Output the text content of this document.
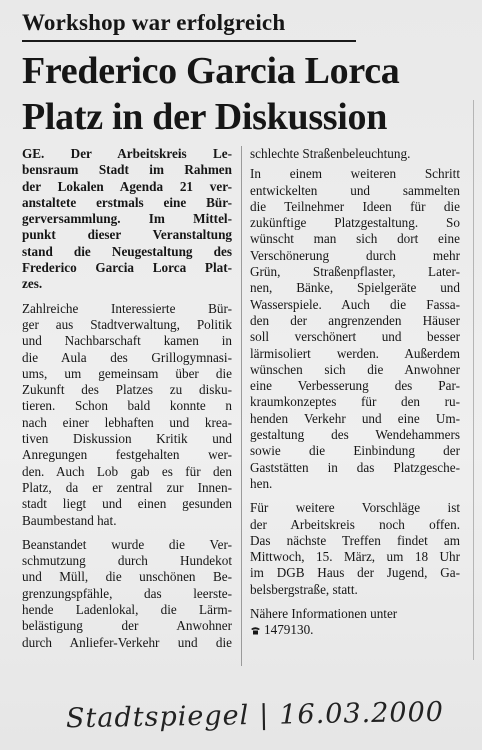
Workshop war erfolgreich
Frederico Garcia Lorca
Platz in der Diskussion

GE. Der Arbeitskreis Le-
bensraum Stadt im Rahmen
der Lokalen Agenda 21 ver-
anstaltete erstmals eine Bür-
gerversammlung. Im Mittel-
punkt dieser Veranstaltung
stand die Neugestaltung des
Frederico Garcia Lorca Plat-
zes.

Zahlreiche Interessierte Bür-
ger aus Stadtverwaltung, Politik
und Nachbarschaft kamen in
die Aula des Grillogymnasi-
ums, um gemeinsam über die
Zukunft des Platzes zu disku-
tieren. Schon bald konnte n
nach einer lebhaften und krea-
tiven Diskussion Kritik und
Anregungen festgehalten wer-
den. Auch Lob gab es für den
Platz, da er zentral zur Innen-
stadt liegt und einen gesunden
Baumbestand hat.

Beanstandet wurde die Ver-
schmutzung durch Hundekot
und Müll, die unschönen Be-
grenzungspfähle, das leerste-
hende Ladenlokal, die Lärm-
belästigung der Anwohner
durch Anliefer-Verkehr und die

schlechte Straßenbeleuchtung.

In einem weiteren Schritt
entwickelten und sammelten
die Teilnehmer Ideen für die
zukünftige Platzgestaltung. So
wünscht man sich dort eine
Verschönerung durch mehr
Grün, Straßenpflaster, Later-
nen, Bänke, Spielgeräte und
Wasserspiele. Auch die Fassa-
den der angrenzenden Häuser
soll verschönert und besser
lärmisoliert werden. Außerdem
wünschen sich die Anwohner
eine Verbesserung des Par-
kraumkonzeptes für den ru-
henden Verkehr und eine Um-
gestaltung des Wendehammers
sowie die Einbindung der
Gaststätten in das Platzgesche-
hen.

Für weitere Vorschläge ist
der Arbeitskreis noch offen.
Das nächste Treffen findet am
Mittwoch, 15. März, um 18 Uhr
im DGB Haus der Jugend, Ga-
belsbergstraße, statt.

Nähere Informationen unter
1479130.

Stadtspiegel | 16.03.2000
